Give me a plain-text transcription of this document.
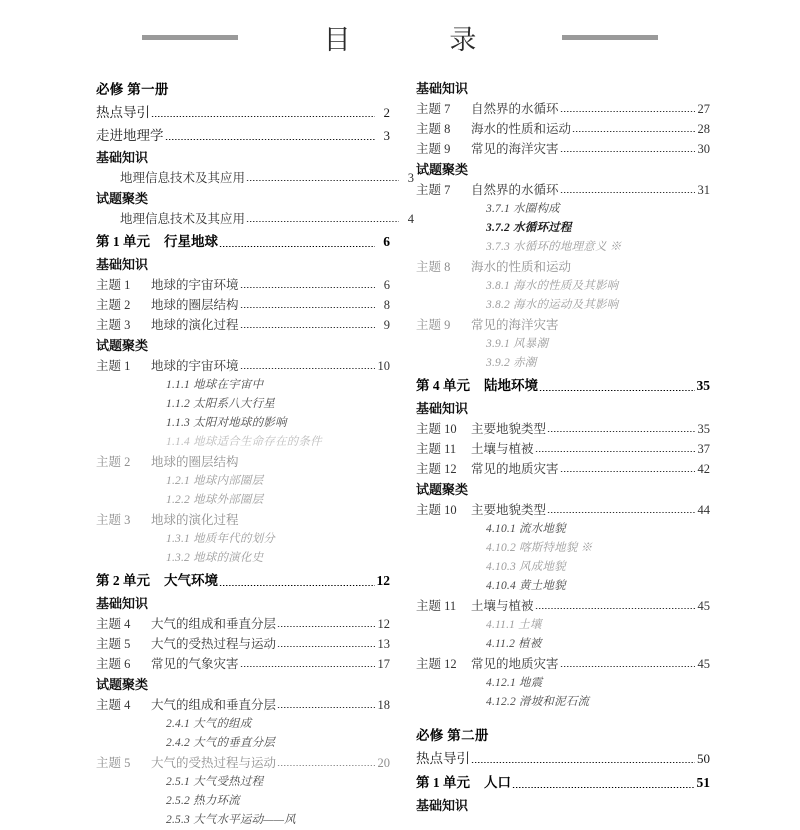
目 录
必修 第一册
热点导引	2
走进地理学	3
基础知识
地理信息技术及其应用	3
试题聚类
地理信息技术及其应用	4
第 1 单元 行星地球	6
基础知识
主题 1	地球的宇宙环境	6
主题 2	地球的圈层结构	8
主题 3	地球的演化过程	9
试题聚类
主题 1	地球的宇宙环境	10
1.1.1 地球在宇宙中
1.1.2 太阳系八大行星
1.1.3 太阳对地球的影响
1.1.4 地球适合生命存在的条件
主题 2	地球的圈层结构
1.2.1 地球内部圈层
1.2.2 地球外部圈层
主题 3	地球的演化过程
1.3.1 地质年代的划分
1.3.2 地球的演化史
第 2 单元 大气环境	12
基础知识
主题 4	大气的组成和垂直分层	12
主题 5	大气的受热过程与运动	13
主题 6	常见的气象灾害	17
试题聚类
主题 4	大气的组成和垂直分层	18
2.4.1 大气的组成
2.4.2 大气的垂直分层
主题 5	大气的受热过程与运动	20
2.5.1 大气受热过程
2.5.2 热力环流
2.5.3 大气水平运动——风
基础知识
主题 7	自然界的水循环	27
主题 8	海水的性质和运动	28
主题 9	常见的海洋灾害	30
试题聚类
主题 7	自然界的水循环	31
3.7.1 水圈构成
3.7.2 水循环过程
3.7.3 水循环的地理意义 ※
主题 8	海水的性质和运动
3.8.1 海水的性质及其影响
3.8.2 海水的运动及其影响
主题 9	常见的海洋灾害
3.9.1 风暴潮
3.9.2 赤潮
第 4 单元 陆地环境	35
基础知识
主题 10	主要地貌类型	35
主题 11	土壤与植被	37
主题 12	常见的地质灾害	42
试题聚类
主题 10	主要地貌类型	44
4.10.1 流水地貌
4.10.2 喀斯特地貌 ※
4.10.3 风成地貌
4.10.4 黄土地貌
主题 11	土壤与植被	45
4.11.1 土壤
4.11.2 植被
主题 12	常见的地质灾害	45
4.12.1 地震
4.12.2 滑坡和泥石流
必修 第二册
热点导引	50
第 1 单元 人口	51
基础知识
